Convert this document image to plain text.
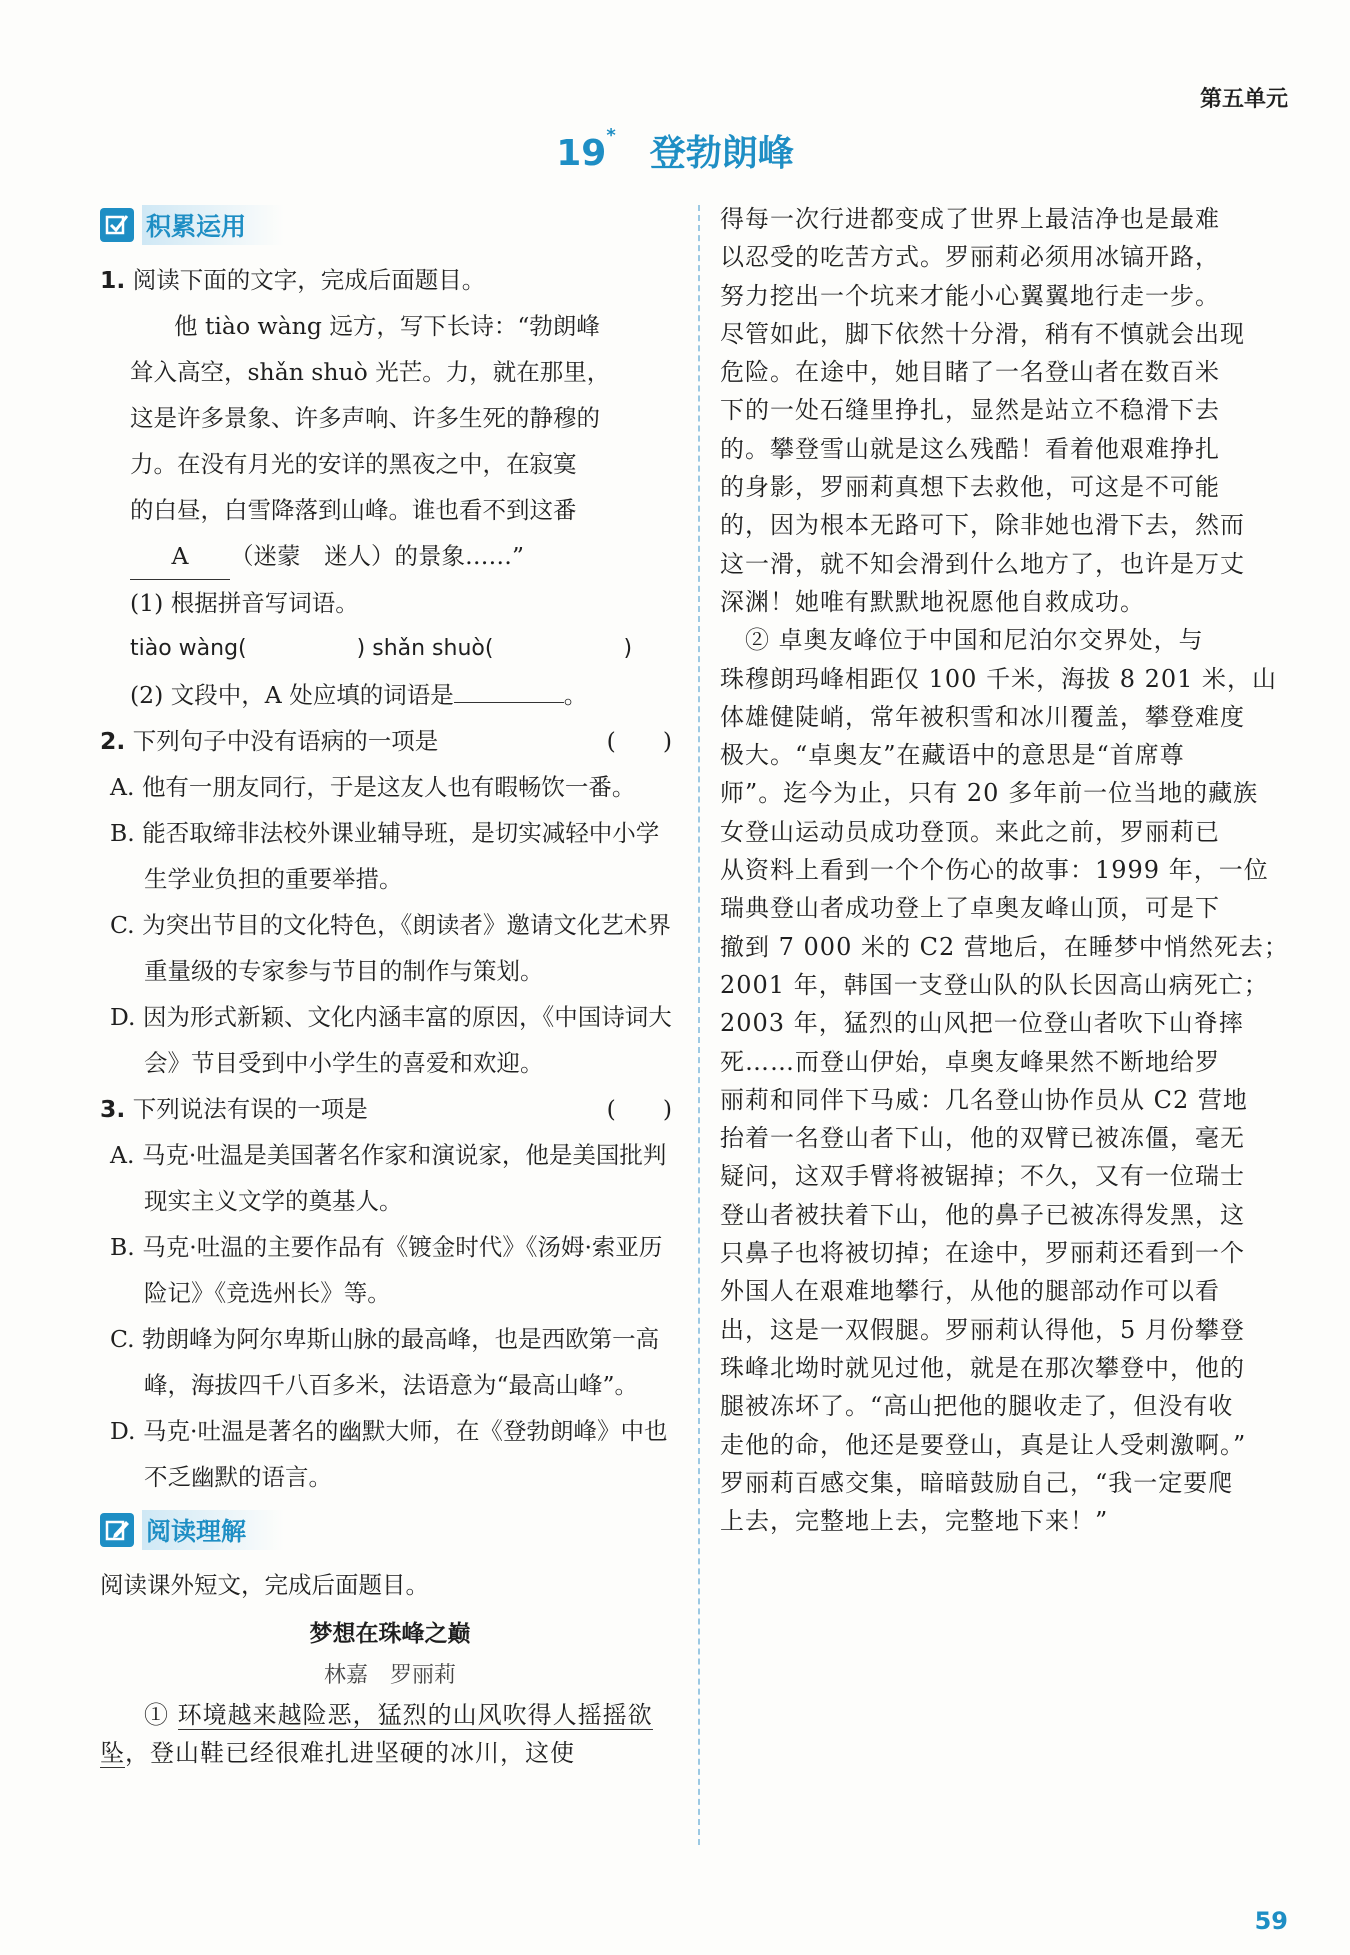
第五单元
19* 登勃朗峰
积累运用

1. 阅读下面的文字，完成后面题目。

他 tiào wàng 远方，写下长诗：“勃朗峰

耸入高空，shǎn shuò 光芒。力，就在那里，

这是许多景象、许多声响、许多生死的静穆的

力。在没有月光的安详的黑夜之中，在寂寞

的白昼，白雪降落到山峰。谁也看不到这番

A （迷蒙　迷人）的景象……”

(1) 根据拼音写词语。

tiào wàng(	) shǎn shuò(	)

(2) 文段中，A 处应填的词语是	。

2. 下列句子中没有语病的一项是	(　　)

A. 他有一朋友同行，于是这友人也有暇畅饮一番。

B. 能否取缔非法校外课业辅导班，是切实减轻中小学生学业负担的重要举措。

C. 为突出节目的文化特色，《朗读者》邀请文化艺术界重量级的专家参与节目的制作与策划。

D. 因为形式新颖、文化内涵丰富的原因，《中国诗词大会》节目受到中小学生的喜爱和欢迎。

3. 下列说法有误的一项是	(　　)

A. 马克·吐温是美国著名作家和演说家，他是美国批判现实主义文学的奠基人。

B. 马克·吐温的主要作品有《镀金时代》《汤姆·索亚历险记》《竞选州长》等。

C. 勃朗峰为阿尔卑斯山脉的最高峰，也是西欧第一高峰，海拔四千八百多米，法语意为“最高山峰”。

D. 马克·吐温是著名的幽默大师，在《登勃朗峰》中也不乏幽默的语言。

阅读理解

阅读课外短文，完成后面题目。

梦想在珠峰之巅

林嘉　罗丽莉

① 环境越来越险恶，猛烈的山风吹得人摇摇欲坠，登山鞋已经很难扎进坚硬的冰川，这使

得每一次行进都变成了世界上最洁净也是最难

以忍受的吃苦方式。罗丽莉必须用冰镐开路，

努力挖出一个坑来才能小心翼翼地行走一步。

尽管如此，脚下依然十分滑，稍有不慎就会出现

危险。在途中，她目睹了一名登山者在数百米

下的一处石缝里挣扎，显然是站立不稳滑下去

的。攀登雪山就是这么残酷！看着他艰难挣扎

的身影，罗丽莉真想下去救他，可这是不可能

的，因为根本无路可下，除非她也滑下去，然而

这一滑，就不知会滑到什么地方了，也许是万丈

深渊！她唯有默默地祝愿他自救成功。

　② 卓奥友峰位于中国和尼泊尔交界处，与

珠穆朗玛峰相距仅 100 千米，海拔 8 201 米，山

体雄健陡峭，常年被积雪和冰川覆盖，攀登难度

极大。“卓奥友”在藏语中的意思是“首席尊

师”。迄今为止，只有 20 多年前一位当地的藏族

女登山运动员成功登顶。来此之前，罗丽莉已

从资料上看到一个个伤心的故事：1999 年，一位

瑞典登山者成功登上了卓奥友峰山顶，可是下

撤到 7 000 米的 C2 营地后，在睡梦中悄然死去；

2001 年，韩国一支登山队的队长因高山病死亡；

2003 年，猛烈的山风把一位登山者吹下山脊摔

死……而登山伊始，卓奥友峰果然不断地给罗

丽莉和同伴下马威：几名登山协作员从 C2 营地

抬着一名登山者下山，他的双臂已被冻僵，毫无

疑问，这双手臂将被锯掉；不久，又有一位瑞士

登山者被扶着下山，他的鼻子已被冻得发黑，这

只鼻子也将被切掉；在途中，罗丽莉还看到一个

外国人在艰难地攀行，从他的腿部动作可以看

出，这是一双假腿。罗丽莉认得他，5 月份攀登

珠峰北坳时就见过他，就是在那次攀登中，他的

腿被冻坏了。“高山把他的腿收走了，但没有收

走他的命，他还是要登山，真是让人受刺激啊。”

罗丽莉百感交集，暗暗鼓励自己，“我一定要爬

上去，完整地上去，完整地下来！”

59
